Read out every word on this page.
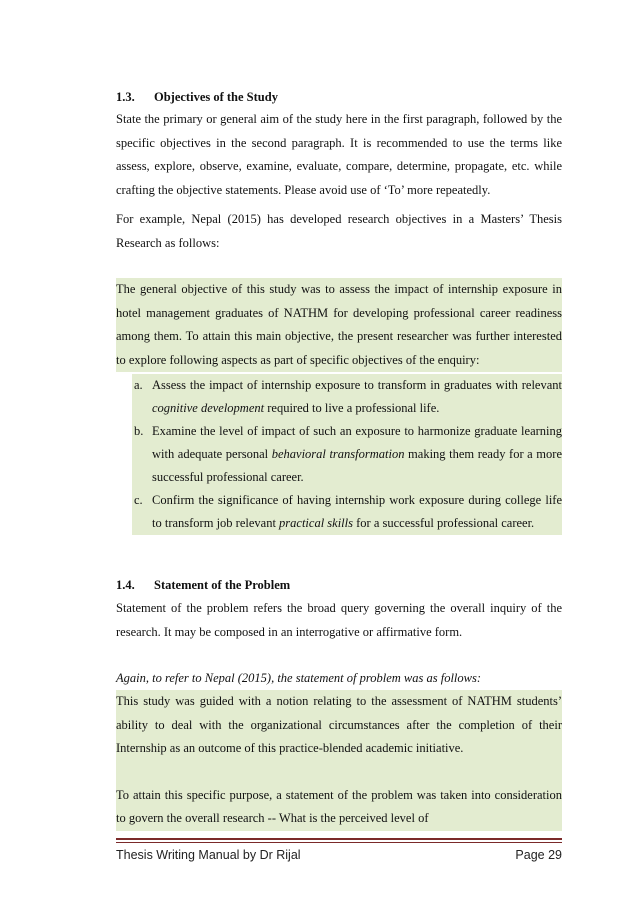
1.3. Objectives of the Study

State the primary or general aim of the study here in the first paragraph, followed by the specific objectives in the second paragraph. It is recommended to use the terms like assess, explore, observe, examine, evaluate, compare, determine, propagate, etc. while crafting the objective statements. Please avoid use of ‘To’ more repeatedly.

For example, Nepal (2015) has developed research objectives in a Masters’ Thesis Research as follows:

The general objective of this study was to assess the impact of internship exposure in hotel management graduates of NATHM for developing professional career readiness among them. To attain this main objective, the present researcher was further interested to explore following aspects as part of specific objectives of the enquiry:

a. Assess the impact of internship exposure to transform in graduates with relevant cognitive development required to live a professional life.
b. Examine the level of impact of such an exposure to harmonize graduate learning with adequate personal behavioral transformation making them ready for a more successful professional career.
c. Confirm the significance of having internship work exposure during college life to transform job relevant practical skills for a successful professional career.
1.4. Statement of the Problem

Statement of the problem refers the broad query governing the overall inquiry of the research. It may be composed in an interrogative or affirmative form.

Again, to refer to Nepal (2015), the statement of problem was as follows:

This study was guided with a notion relating to the assessment of NATHM students’ ability to deal with the organizational circumstances after the completion of their Internship as an outcome of this practice-blended academic initiative.
To attain this specific purpose, a statement of the problem was taken into consideration to govern the overall research -- What is the perceived level of
Thesis Writing Manual by Dr Rijal	Page 29
